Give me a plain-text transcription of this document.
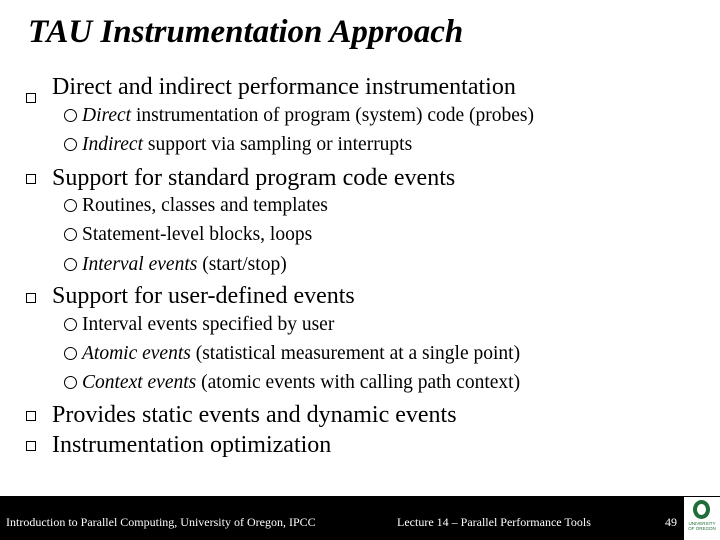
TAU Instrumentation Approach
Direct and indirect performance instrumentation
Direct instrumentation of program (system) code (probes)
Indirect support via sampling or interrupts
Support for standard program code events
Routines, classes and templates
Statement-level blocks, loops
Interval events (start/stop)
Support for user-defined events
Interval events specified by user
Atomic events (statistical measurement at a single point)
Context events (atomic events with calling path context)
Provides static events and dynamic events
Instrumentation optimization
Introduction to Parallel Computing, University of Oregon, IPCC	Lecture 14 – Parallel Performance Tools	49	UNIVERSITY OF OREGON
